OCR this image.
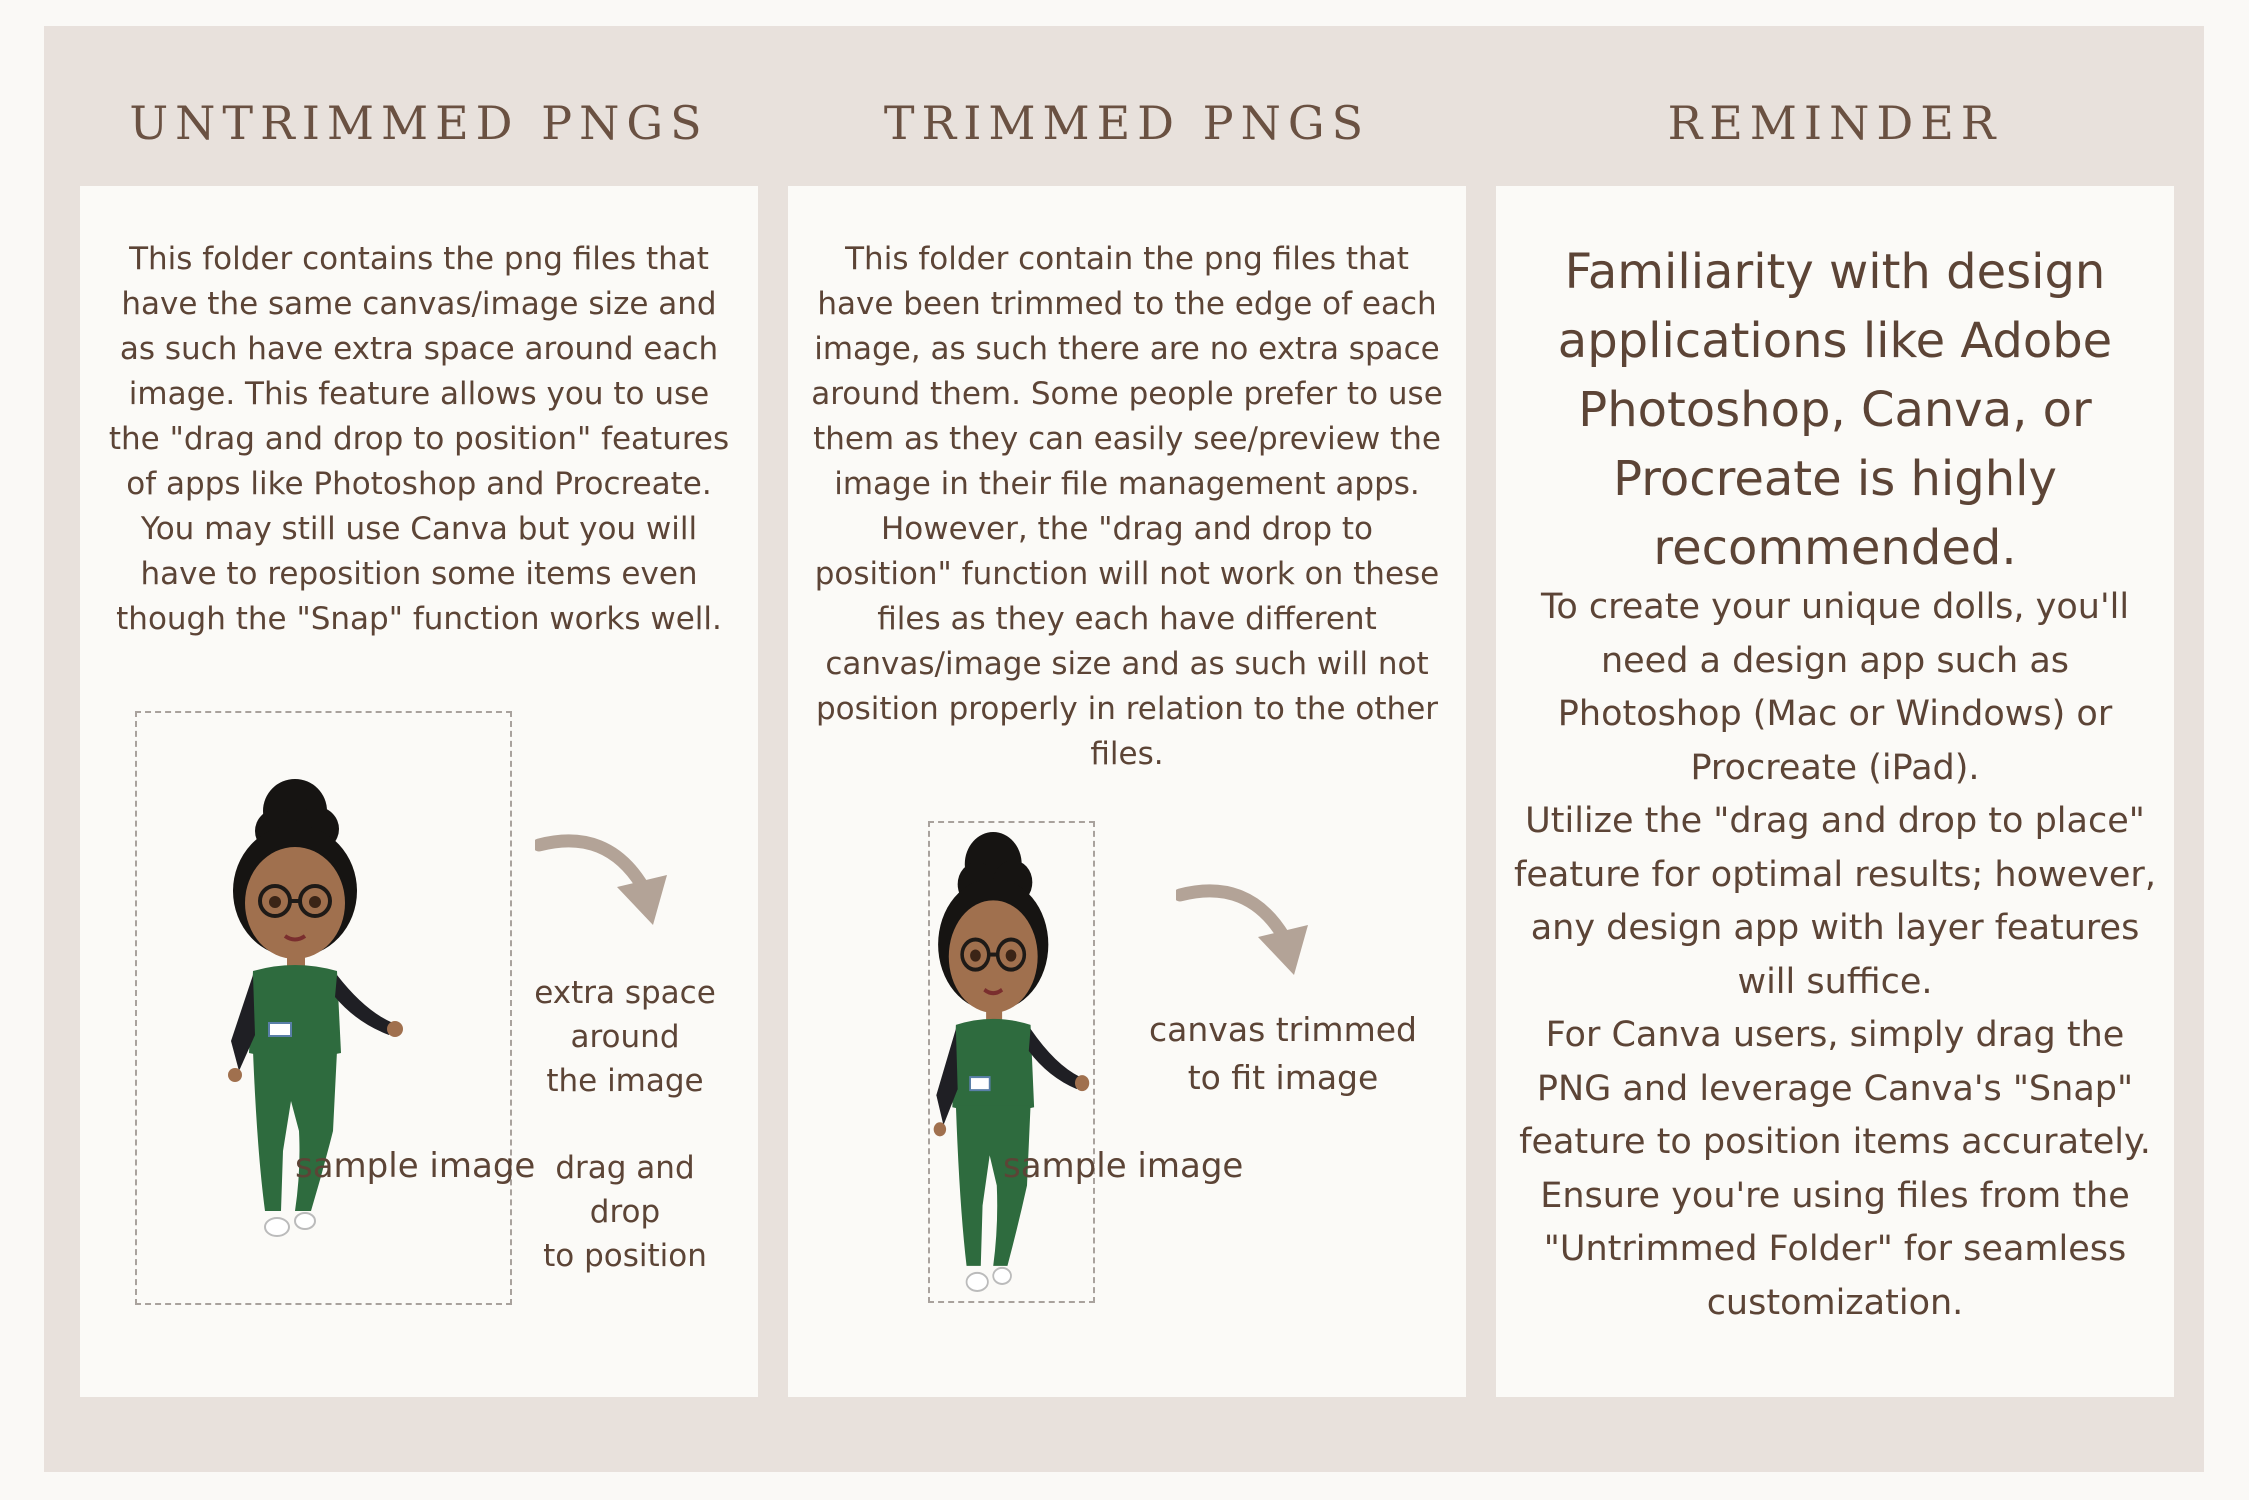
UNTRIMMED PNGS	TRIMMED PNGS	REMINDER

This folder contains the png files that have the same canvas/image size and as such have extra space around each image. This feature allows you to use the "drag and drop to position" features of apps like Photoshop and Procreate. You may still use Canva but you will have to reposition some items even though the "Snap" function works well.

extra space
around
the image
sample image drag and drop
to position

This folder contain the png files that have been trimmed to the edge of each image, as such there are no extra space around them. Some people prefer to use them as they can easily see/preview the image in their file management apps. However, the "drag and drop to position" function will not work on these files as they each have different canvas/image size and as such will not position properly in relation to the other files.

canvas trimmed
to fit image
sample image

Familiarity with design applications like Adobe Photoshop, Canva, or Procreate is highly recommended.

To create your unique dolls, you'll need a design app such as Photoshop (Mac or Windows) or Procreate (iPad).
Utilize the "drag and drop to place" feature for optimal results; however, any design app with layer features will suffice.
For Canva users, simply drag the PNG and leverage Canva's "Snap" feature to position items accurately. Ensure you're using files from the "Untrimmed Folder" for seamless customization.
